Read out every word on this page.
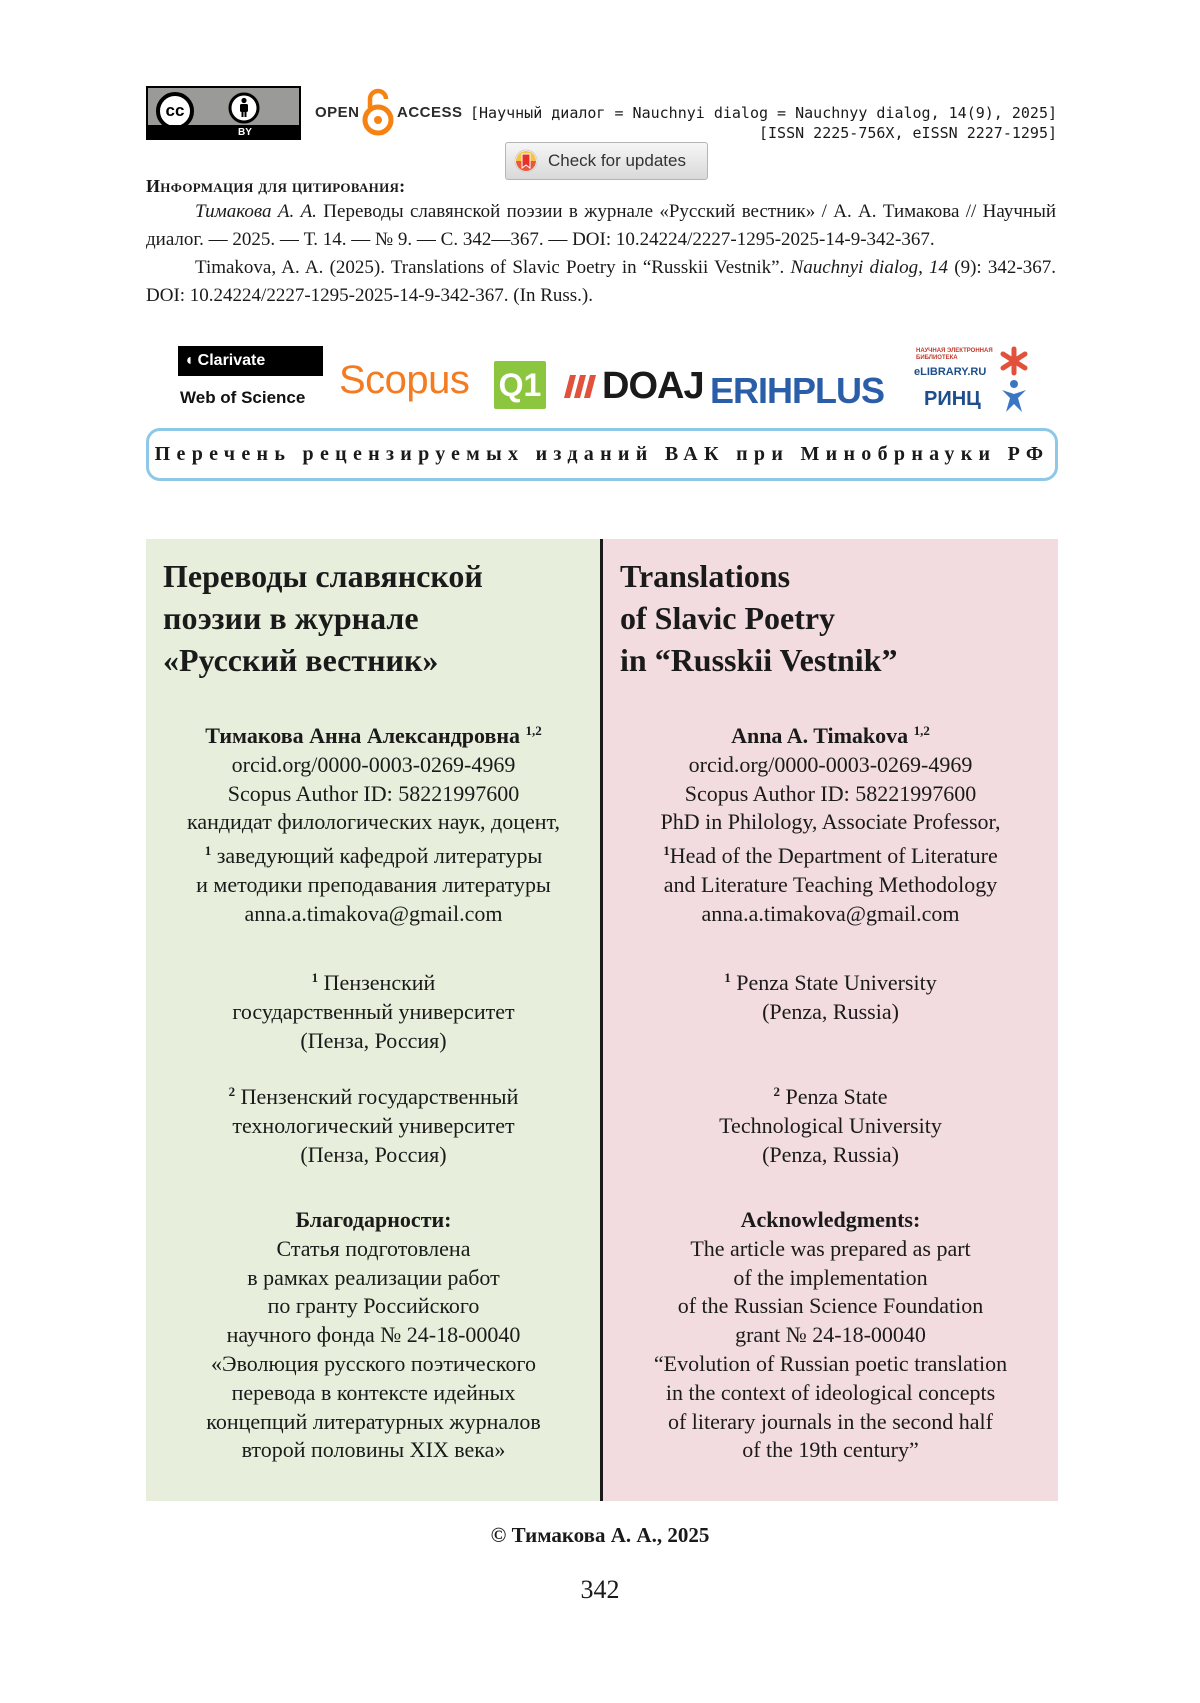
cc
BY
OPEN ACCESS [Научный диалог = Nauchnyi dialog = Nauchnyy dialog, 14(9), 2025]
[ISSN 2225-756X, eISSN 2227-1295]
Check for updates
Информация для цитирования:

Тимакова А. А. Переводы славянской поэзии в журнале «Русский вестник» / А. А. Тимакова // Научный диалог. — 2025. — Т. 14. — № 9. — С. 342—367. — DOI: 10.24224/2227-1295-2025-14-9-342-367.

Timakova, A. A. (2025). Translations of Slavic Poetry in “Russkii Vestnik”. Nauchnyi dialog, 14 (9): 342-367. DOI: 10.24224/2227-1295-2025-14-9-342-367. (In Russ.).

◖ Clarivate
Web of Science Scopus Q1 DOAJ ERIHPLUS
НАУЧНАЯ ЭЛЕКТРОННАЯ БИБЛИОТЕКА
eLIBRARY.RU
РИНЦ
Перечень рецензируемых изданий ВАК при Минобрнауки РФ
Переводы славянской
поэзии в журнале
«Русский вестник»
Тимакова Анна Александровна $^{1,2}$
orcid.org/0000-0003-0269-4969
Scopus Author ID: 58221997600
кандидат филологических наук, доцент,
$^1$ заведующий кафедрой литературы
и методики преподавания литературы
anna.a.timakova@gmail.com
$^1$ Пензенский
государственный университет
(Пенза, Россия)
$^2$ Пензенский государственный
технологический университет
(Пенза, Россия)
Благодарности:
Статья подготовлена
в рамках реализации работ
по гранту Российского
научного фонда № 24-18-00040
«Эволюция русского поэтического
перевода в контексте идейных
концепций литературных журналов
второй половины XIX века»
Translations
of Slavic Poetry
in “Russkii Vestnik”
Anna A. Timakova $^{1,2}$
orcid.org/0000-0003-0269-4969
Scopus Author ID: 58221997600
PhD in Philology, Associate Professor,
$^1$Head of the Department of Literature
and Literature Teaching Methodology
anna.a.timakova@gmail.com
$^1$ Penza State University
(Penza, Russia)
$^2$ Penza State
Technological University
(Penza, Russia)
Acknowledgments:
The article was prepared as part
of the implementation
of the Russian Science Foundation
grant № 24-18-00040
“Evolution of Russian poetic translation
in the context of ideological concepts
of literary journals in the second half
of the 19th century”
© Тимакова А. А., 2025
342
